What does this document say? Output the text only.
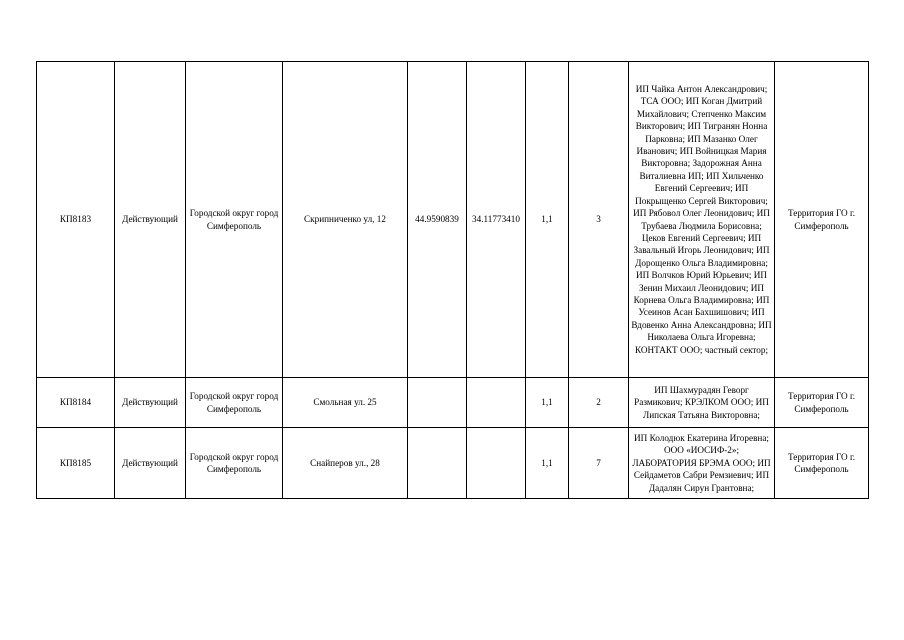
КП8183	Действующий	Городской округ город Симферополь	Скрипниченко ул, 12	44.9590839	34.11773410	1,1	3	ИП Чайка Антон Александрович; ТСА ООО; ИП Коган Дмитрий Михайлович; Степченко Максим Викторович; ИП Тигранян Нонна Парковна; ИП Мазанко Олег Иванович; ИП Войницкая Мария Викторовна; Задорожная Анна Виталиевна ИП; ИП Хильченко Евгений Сергеевич; ИП Покрыщенко Сергей Викторович; ИП Рябовол Олег Леонидович; ИП Трубаева Людмила Борисовна; Цеков Евгений Сергеевич; ИП Завальный Игорь Леонидович; ИП Дорощенко Ольга Владимировна; ИП Волчков Юрий Юрьевич; ИП Зенин Михаил Леонидович; ИП Корнева Ольга Владимировна; ИП Усеинов Асан Бахшишович; ИП Вдовенко Анна Александровна; ИП Николаева Ольга Игоревна; КОНТАКТ ООО; частный сектор;	Территория ГО г. Симферополь
КП8184	Действующий	Городской округ город Симферополь	Смольная ул. 25			1,1	2	ИП Шахмурадян Геворг Размикович; КРЭЛКОМ ООО; ИП Липская Татьяна Викторовна;	Территория ГО г. Симферополь
КП8185	Действующий	Городской округ город Симферополь	Снайперов ул., 28			1,1	7	ИП Колодюк Екатерина Игоревна; ООО «ИОСИФ-2»; ЛАБОРАТОРИЯ БРЭМА ООО; ИП Сейдаметов Сабри Ремзиевич; ИП Дадалян Сирун Грантовна;	Территория ГО г. Симферополь
